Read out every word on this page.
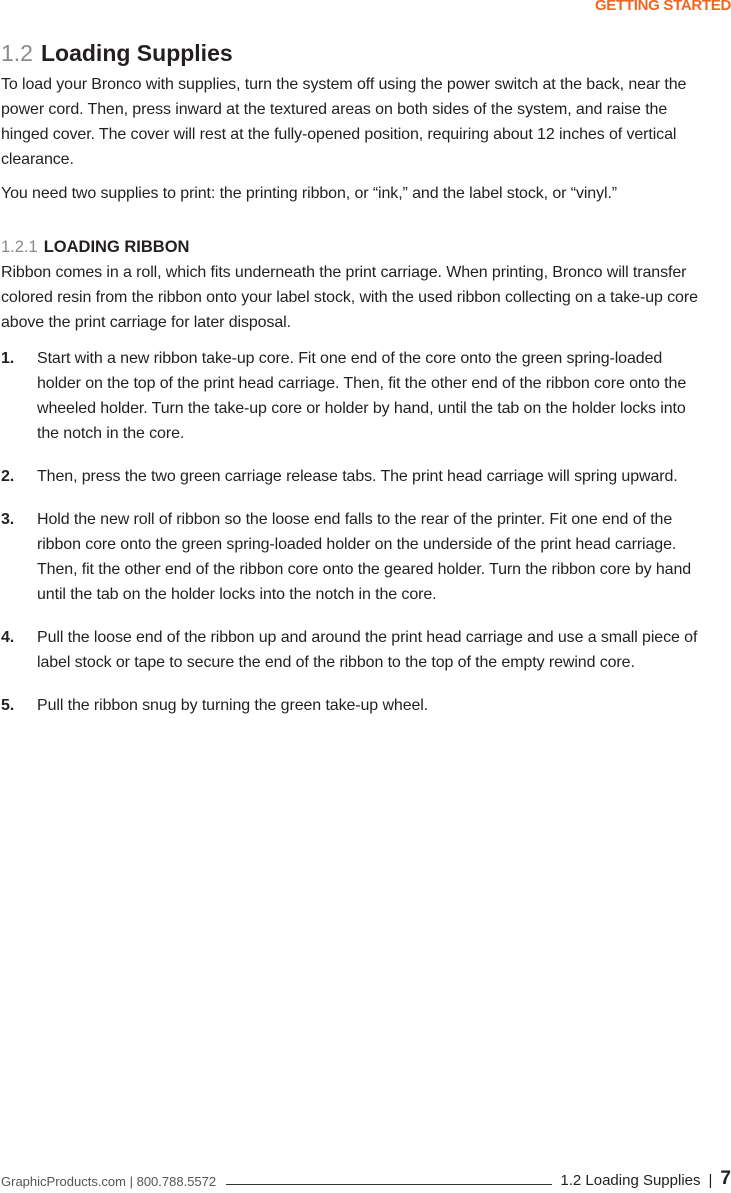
GETTING STARTED
1.2 Loading Supplies

To load your Bronco with supplies, turn the system off using the power switch at the back, near the power cord. Then, press inward at the textured areas on both sides of the system, and raise the hinged cover. The cover will rest at the fully-opened position, requiring about 12 inches of vertical clearance.

You need two supplies to print: the printing ribbon, or “ink,” and the label stock, or “vinyl.”

1.2.1 LOADING RIBBON

Ribbon comes in a roll, which fits underneath the print carriage. When printing, Bronco will transfer colored resin from the ribbon onto your label stock, with the used ribbon collecting on a take-up core above the print carriage for later disposal.

1. Start with a new ribbon take-up core. Fit one end of the core onto the green spring-loaded holder on the top of the print head carriage. Then, fit the other end of the ribbon core onto the wheeled holder. Turn the take-up core or holder by hand, until the tab on the holder locks into the notch in the core.
2. Then, press the two green carriage release tabs. The print head carriage will spring upward.
3. Hold the new roll of ribbon so the loose end falls to the rear of the printer. Fit one end of the ribbon core onto the green spring-loaded holder on the underside of the print head carriage. Then, fit the other end of the ribbon core onto the geared holder. Turn the ribbon core by hand until the tab on the holder locks into the notch in the core.
4. Pull the loose end of the ribbon up and around the print head carriage and use a small piece of label stock or tape to secure the end of the ribbon to the top of the empty rewind core.
5. Pull the ribbon snug by turning the green take-up wheel.
GraphicProducts.com | 800.788.5572	1.2 Loading Supplies | 7
